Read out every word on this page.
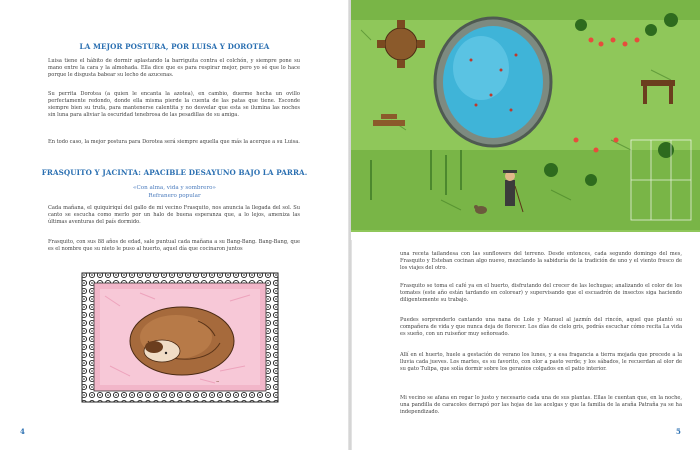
LA MEJOR POSTURA, POR LUISA Y DOROTEA

Luisa tiene el hábito de dormir aplastando la barriguita contra el colchón, y siempre pone su mano entre la cara y la almohada. Ella dice que es para respirar mejor, pero yo sé que lo hace porque le disgusta babear su lecho de azucenas.

Su perrita Dorotea (a quien le encanta la azotea), en cambio, duerme hecha un ovillo perfectamente redondo, donde ella misma pierde la cuenta de las patas que tiene. Esconde siempre bien su trufa, para mantenerse calentita y no desvelar que esta se ilumina las noches sin luna para aliviar la oscuridad tenebrosa de las pesadillas de su amiga.

En todo caso, la mejor postura para Dorotea será siempre aquella que más la acerque a su Luisa.

FRASQUITO Y JACINTA: APACIBLE DESAYUNO BAJO LA PARRA.
«Con alma, vida y sombrero»
Refranero popular

Cada mañana, el quiquiriquí del gallo de mi vecino Frasquito, nos anuncia la llegada del sol. Su canto se escucha como merlo por un halo de buena esperanza que, a lo lejos, ameniza las últimas aventuras del país dormido.

Frasquito, con sus 88 años de edad, sale puntual cada mañana a su Bang-Bang. Bang-Bang, que es el nombre que su nieto le puso al huerto, aquel día que cocinaron juntos

~
4

una receta tailandesa con las sunflowers del terreno. Desde entonces, cada segundo domingo del mes, Frasquito y Esteban cocinan algo nuevo, mezclando la sabiduría de la tradición de uno y el viento fresco de los viajes del otro.

Frasquito se toma el café ya en el huerto, disfrutando del crecer de las lechugas; analizando el color de los tomates (este año están tardando en colorear) y supervisando que el escuadrón de insectos siga haciendo diligentemente su trabajo.

Puedes sorprenderlo cantando una nana de Lole y Manuel al jazmín del rincón, aquel que plantó su compañera de vida y que nunca deja de florecer. Los días de cielo gris, podrás escuchar cómo recita La vida es sueño, con un ruiseñor muy señoreado.

Allí en el huerto, huele a gestación de verano los lunes, y a esa fragancia a tierra mojada que precede a la lluvia cada jueves. Los martes, es su favorito, con olor a pasto verde; y los sábados, le recuerdan al olor de su gato Tulipa, que solía dormir sobre los geranios colgados en el patio interior.

Mi vecino se afana en regar lo justo y necesario cada una de sus plantas. Ellas le cuentan que, en la noche, una pandilla de caracoles derrapó por las hojas de las acelgas y que la familia de la araña Patraña ya se ha independizado.

5
